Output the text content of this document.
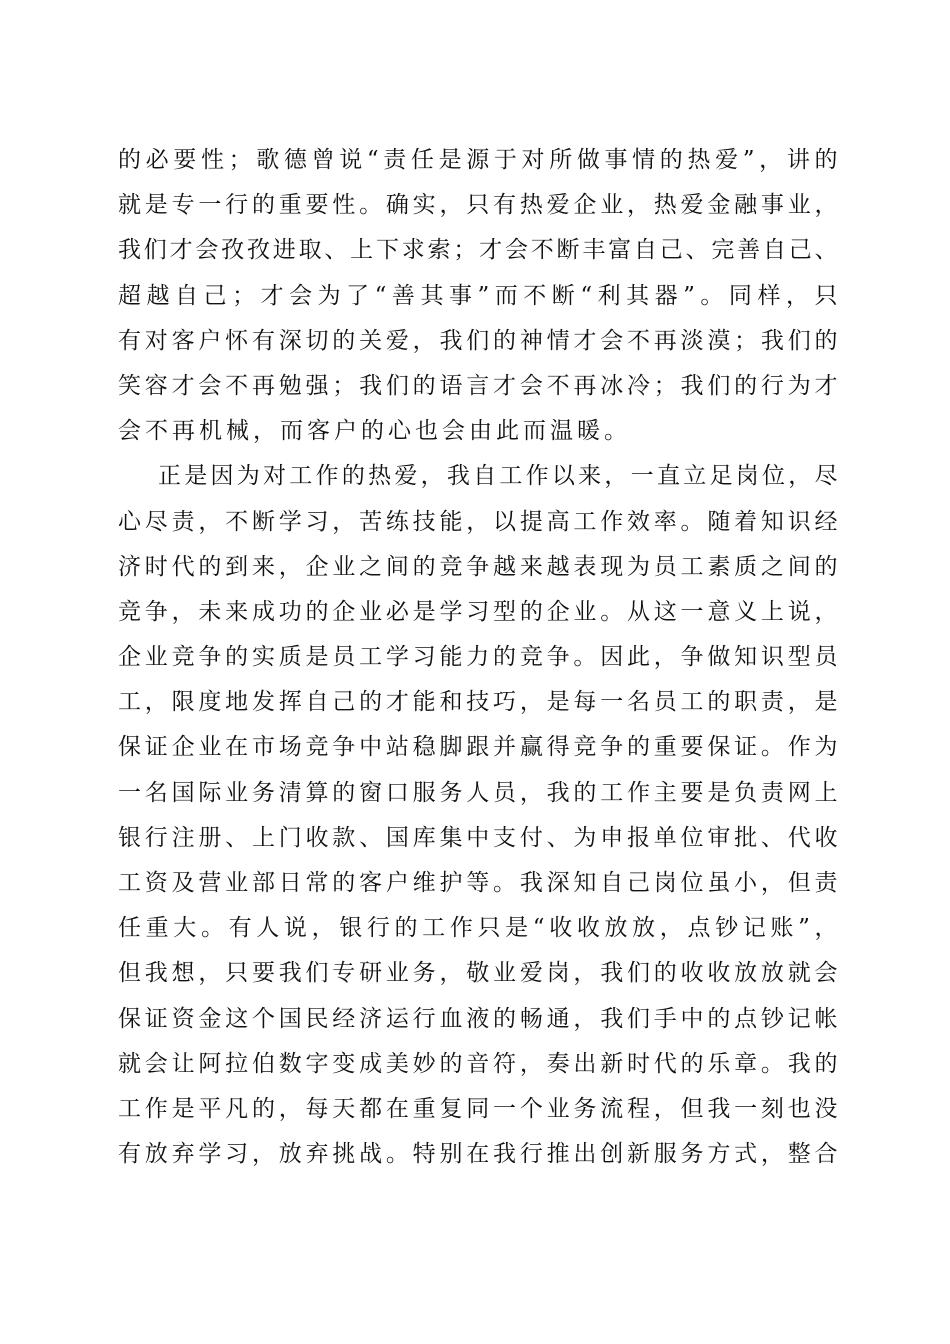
的必要性；歌德曾说“责任是源于对所做事情的热爱”，讲的
就是专一行的重要性。确实，只有热爱企业，热爱金融事业，
我们才会孜孜进取、上下求索；才会不断丰富自己、完善自己、
超越自己；才会为了“善其事”而不断“利其器”。同样，只
有对客户怀有深切的关爱，我们的神情才会不再淡漠；我们的
笑容才会不再勉强；我们的语言才会不再冰冷；我们的行为才
会不再机械，而客户的心也会由此而温暖。
正是因为对工作的热爱，我自工作以来，一直立足岗位，尽
心尽责，不断学习，苦练技能，以提高工作效率。随着知识经
济时代的到来，企业之间的竞争越来越表现为员工素质之间的
竞争，未来成功的企业必是学习型的企业。从这一意义上说，
企业竞争的实质是员工学习能力的竞争。因此，争做知识型员
工，限度地发挥自己的才能和技巧，是每一名员工的职责，是
保证企业在市场竞争中站稳脚跟并赢得竞争的重要保证。作为
一名国际业务清算的窗口服务人员，我的工作主要是负责网上
银行注册、上门收款、国库集中支付、为申报单位审批、代收
工资及营业部日常的客户维护等。我深知自己岗位虽小，但责
任重大。有人说，银行的工作只是“收收放放，点钞记账”，
但我想，只要我们专研业务，敬业爱岗，我们的收收放放就会
保证资金这个国民经济运行血液的畅通，我们手中的点钞记帐
就会让阿拉伯数字变成美妙的音符，奏出新时代的乐章。我的
工作是平凡的，每天都在重复同一个业务流程，但我一刻也没
有放弃学习，放弃挑战。特别在我行推出创新服务方式，整合
